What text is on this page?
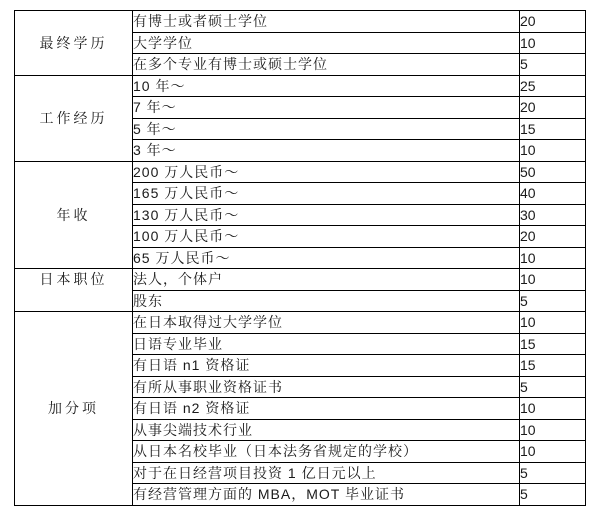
最终学历	有博士或者硕士学位	20
	大学学位	10
	在多个专业有博士或硕士学位	5
工作经历	10 年～	25
	7 年～	20
	5 年～	15
	3 年～	10
年收	200 万人民币～	50
	165 万人民币～	40
	130 万人民币～	30
	100 万人民币～	20
	65 万人民币～	10
日本职位	法人，个体户	10
	股东	5
加分项	在日本取得过大学学位	10
	日语专业毕业	15
	有日语 n1 资格证	15
	有所从事职业资格证书	5
	有日语 n2 资格证	10
	从事尖端技术行业	10
	从日本名校毕业（日本法务省规定的学校）	10
	对于在日经营项目投资 1 亿日元以上	5
	有经营管理方面的 MBA，MOT 毕业证书	5
